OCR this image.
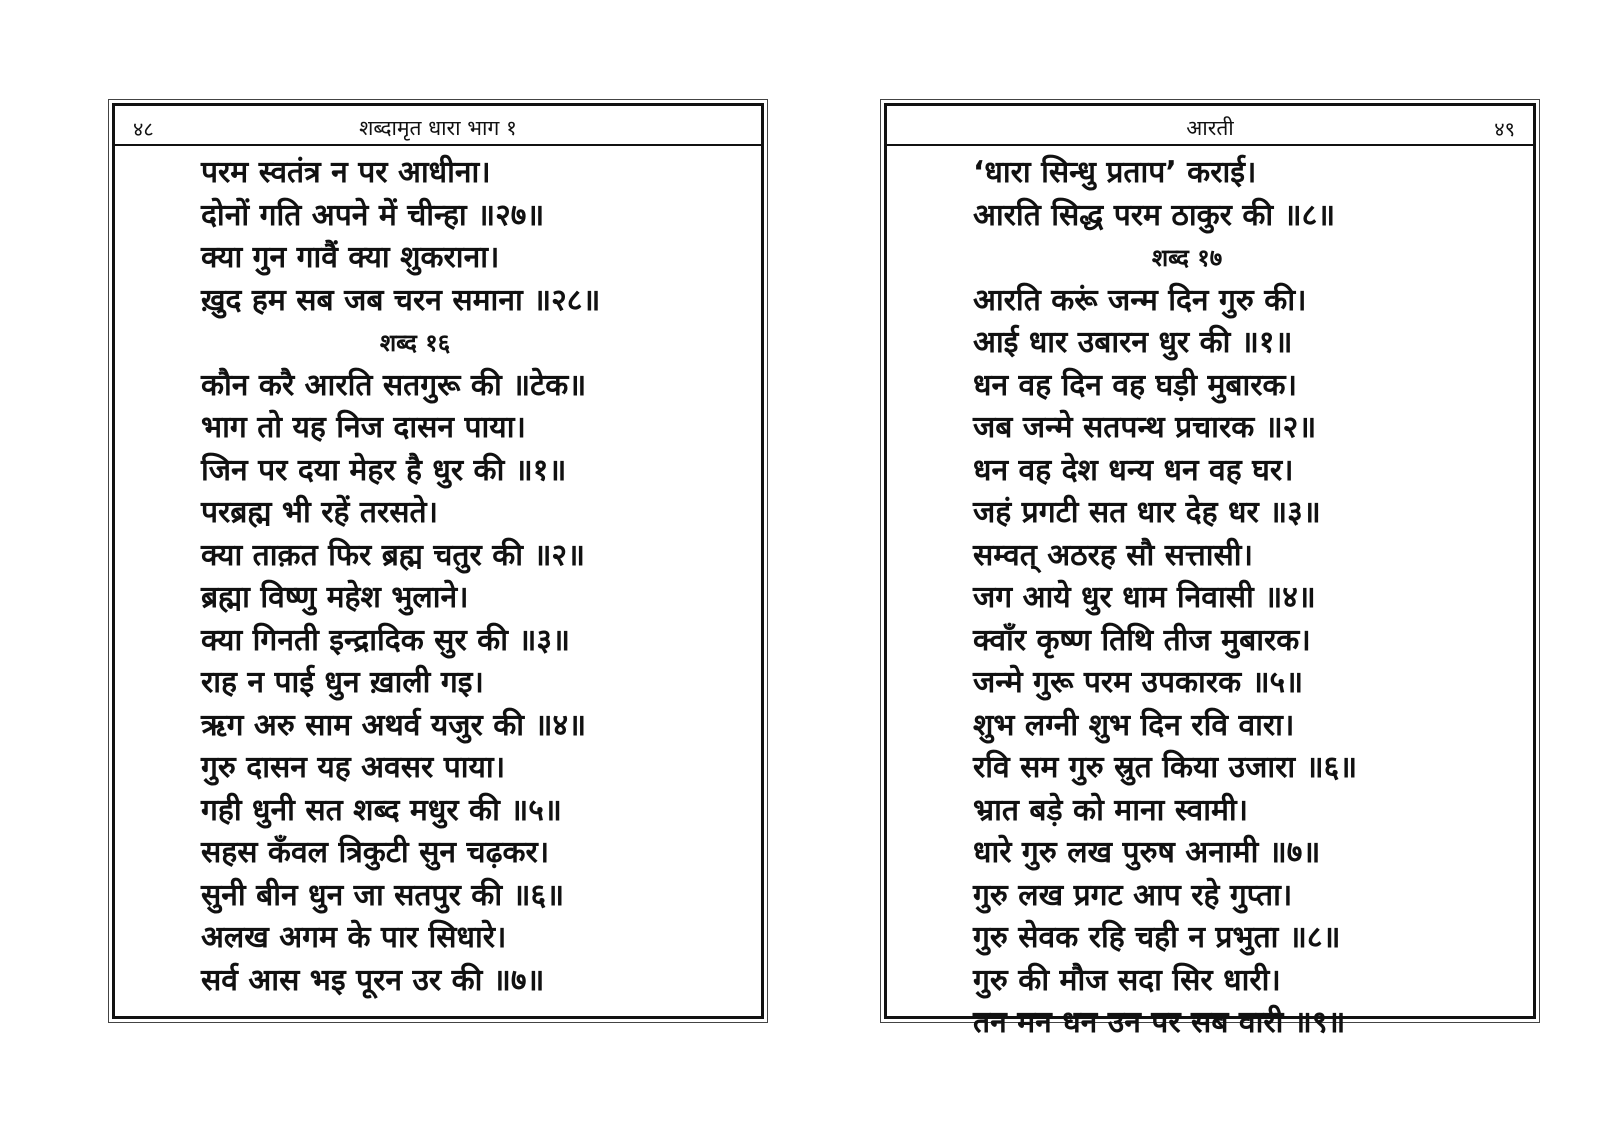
४८	शब्दामृत धारा भाग १
परम स्वतंत्र न पर आधीना।
दोनों गति अपने में चीन्हा ॥२७॥
क्या गुन गावैं क्या शुकराना।
ख़ुद हम सब जब चरन समाना ॥२८॥
शब्द १६
कौन करै आरति सतगुरू की ॥टेक॥
भाग तो यह निज दासन पाया।
जिन पर दया मेहर है धुर की ॥१॥
परब्रह्म भी रहें तरसते।
क्या ताक़त फिर ब्रह्म चतुर की ॥२॥
ब्रह्मा विष्णु महेश भुलाने।
क्या गिनती इन्द्रादिक सुर की ॥३॥
राह न पाई धुन ख़ाली गइ।
ऋग अरु साम अथर्व यजुर की ॥४॥
गुरु दासन यह अवसर पाया।
गही धुनी सत शब्द मधुर की ॥५॥
सहस कँवल त्रिकुटी सुन चढ़कर।
सुनी बीन धुन जा सतपुर की ॥६॥
अलख अगम के पार सिधारे।
सर्व आस भइ पूरन उर की ॥७॥
आरती	४९
‘धारा सिन्धु प्रताप’ कराई।
आरति सिद्ध परम ठाकुर की ॥८॥
शब्द १७
आरति करूं जन्म दिन गुरु की।
आई धार उबारन धुर की ॥१॥
धन वह दिन वह घड़ी मुबारक।
जब जन्मे सतपन्थ प्रचारक ॥२॥
धन वह देश धन्य धन वह घर।
जहं प्रगटी सत धार देह धर ॥३॥
सम्वत् अठरह सौ सत्तासी।
जग आये धुर धाम निवासी ॥४॥
क्वाँर कृष्ण तिथि तीज मुबारक।
जन्मे गुरू परम उपकारक ॥५॥
शुभ लग्नी शुभ दिन रवि वारा।
रवि सम गुरु स्रुत किया उजारा ॥६॥
भ्रात बड़े को माना स्वामी।
धारे गुरु लख पुरुष अनामी ॥७॥
गुरु लख प्रगट आप रहे गुप्ता।
गुरु सेवक रहि चही न प्रभुता ॥८॥
गुरु की मौज सदा सिर धारी।
तन मन धन उन पर सब वारी ॥९॥
